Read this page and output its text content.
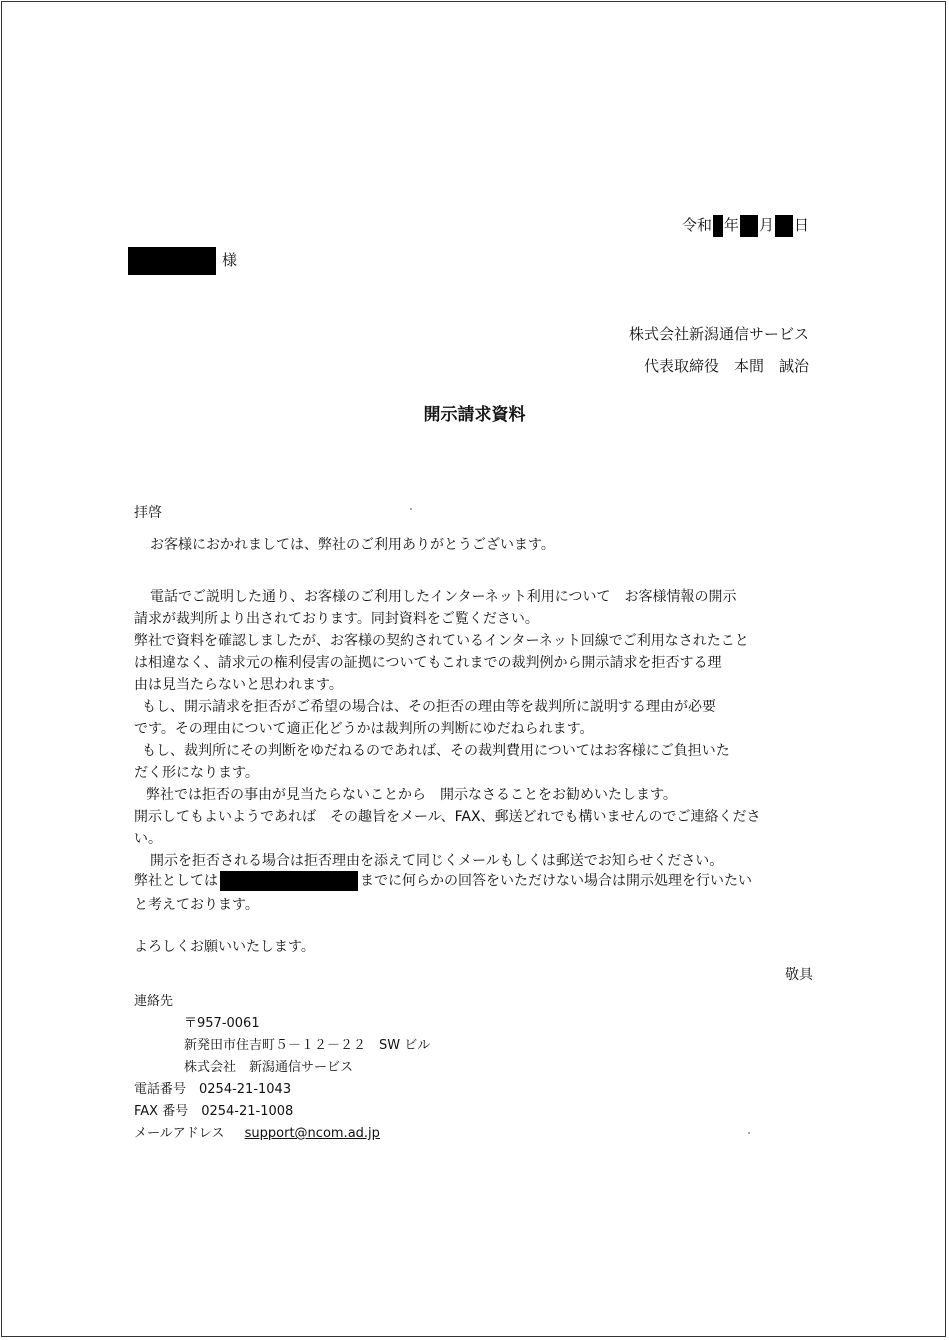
令和 年 月 日
様
株式会社新潟通信サービス
代表取締役　本間　誠治
開示請求資料
拝啓
お客様におかれましては、弊社のご利用ありがとうございます。
電話でご説明した通り、お客様のご利用したインターネット利用について　お客様情報の開示
請求が裁判所より出されております。同封資料をご覧ください。
弊社で資料を確認しましたが、お客様の契約されているインターネット回線でご利用なされたこと
は相違なく、請求元の権利侵害の証拠についてもこれまでの裁判例から開示請求を拒否する理
由は見当たらないと思われます。
もし、開示請求を拒否がご希望の場合は、その拒否の理由等を裁判所に説明する理由が必要
です。その理由について適正化どうかは裁判所の判断にゆだねられます。
もし、裁判所にその判断をゆだねるのであれば、その裁判費用についてはお客様にご負担いた
だく形になります。
弊社では拒否の事由が見当たらないことから　開示なさることをお勧めいたします。
開示してもよいようであれば　その趣旨をメール、FAX、郵送どれでも構いませんのでご連絡くださ
い。
開示を拒否される場合は拒否理由を添えて同じくメールもしくは郵送でお知らせください。
弊社としては	までに何らかの回答をいただけない場合は開示処理を行いたい
と考えております。
よろしくお願いいたします。
敬具
連絡先
〒957-0061
新発田市住吉町５－１２－２２　SW ビル
株式会社　新潟通信サービス
電話番号　0254-21-1043
FAX 番号　0254-21-1008
メールアドレス support@ncom.ad.jp
